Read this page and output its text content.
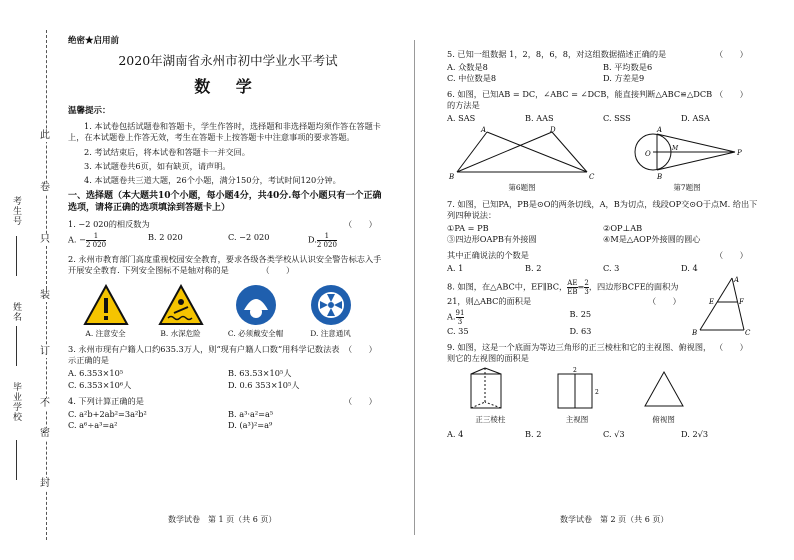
此
卷
只
装
订
不
密
封
考生号
姓名
毕业学校
绝密★启用前
2020年湖南省永州市初中学业水平考试
数 学
温馨提示：
1. 本试卷包括试题卷和答题卡，学生作答时，选择题和非选择题均须作答在答题卡上，在本试题卷上作答无效，考生在答题卡上按答题卡中注意事项的要求答题。
2. 考试结束后，将本试卷和答题卡一并交回。
3. 本试题卷共6页，如有缺页，请声明。
4. 本试题卷共三道大题，26个小题，满分150分，考试时间120分钟。
一、选择题（本大题共10个小题，每小题4分，共40分.每个小题只有一个正确选项，请将正确的选项填涂到答题卡上）
（　　）
1. −2 020的相反数为
A. − $\frac{1}{2 020}$	B. 2 020	C. −2 020	D. $\frac{1}{2 020}$
2. 永州市教育部门高度重视校园安全教育，要求各级各类学校从认识安全警告标志入手开展安全教育. 下列安全图标不是轴对称的是	（　　）
A. 注意安全	B. 水深危险	C. 必须戴安全帽	D. 注意通风
（　　）
3. 永州市现有户籍人口约635.3万人，则“现有户籍人口数”用科学记数法表示正确的是
A. 6.353×10⁵	B. 63.53×10⁵人
C. 6.353×10⁶人	D. 0.6 353×10⁵人
（　　）
4. 下列计算正确的是
C. a²b+2ab²=3a²b²	B. a³·a²=a⁵
C. a⁶÷a³=a²	D. (a³)²=a⁹
数学试卷　第 1 页（共 6 页）
（　　）
5. 已知一组数据 1，2，8，6，8，对这组数据描述正确的是
A. 众数是8	B. 平均数是6
C. 中位数是8	D. 方差是9
（　　）
6. 如图，已知AB = DC，∠ABC = ∠DCB，能直接判断△ABC≌△DCB的方法是
A. SAS	B. AAS	C. SSS	D. ASA
A	D
B	C
第6题图
P
O
M
A
B
第7题图
7. 如图，已知PA，PB是⊙O的两条切线，A，B为切点，线段OP交⊙O于点M. 给出下列四种说法：
①PA = PB	②OP⊥AB
③四边形OAPB有外接圆	④M是△AOP外接圆的圆心
（　　）
其中正确说法的个数是
A. 1	B. 2	C. 3	D. 4
8. 如图，在△ABC中，EF∥BC， $\frac{AE}{EB} = \frac{2}{3}$ ，四边形BCFE的面积为21，则△ABC的面积是	（　　）
A. $\frac{91}{3}$	B. 25
C. 35	D. 63
A
E	F
B	C
（　　）
9. 如图，这是一个底面为等边三角形的正三棱柱和它的主视图、俯视图，则它的左视图的面积是
正三棱柱
2
2
主视图	俯视图
A. 4	B. 2	C. √3	D. 2√3
数学试卷　第 2 页（共 6 页）
